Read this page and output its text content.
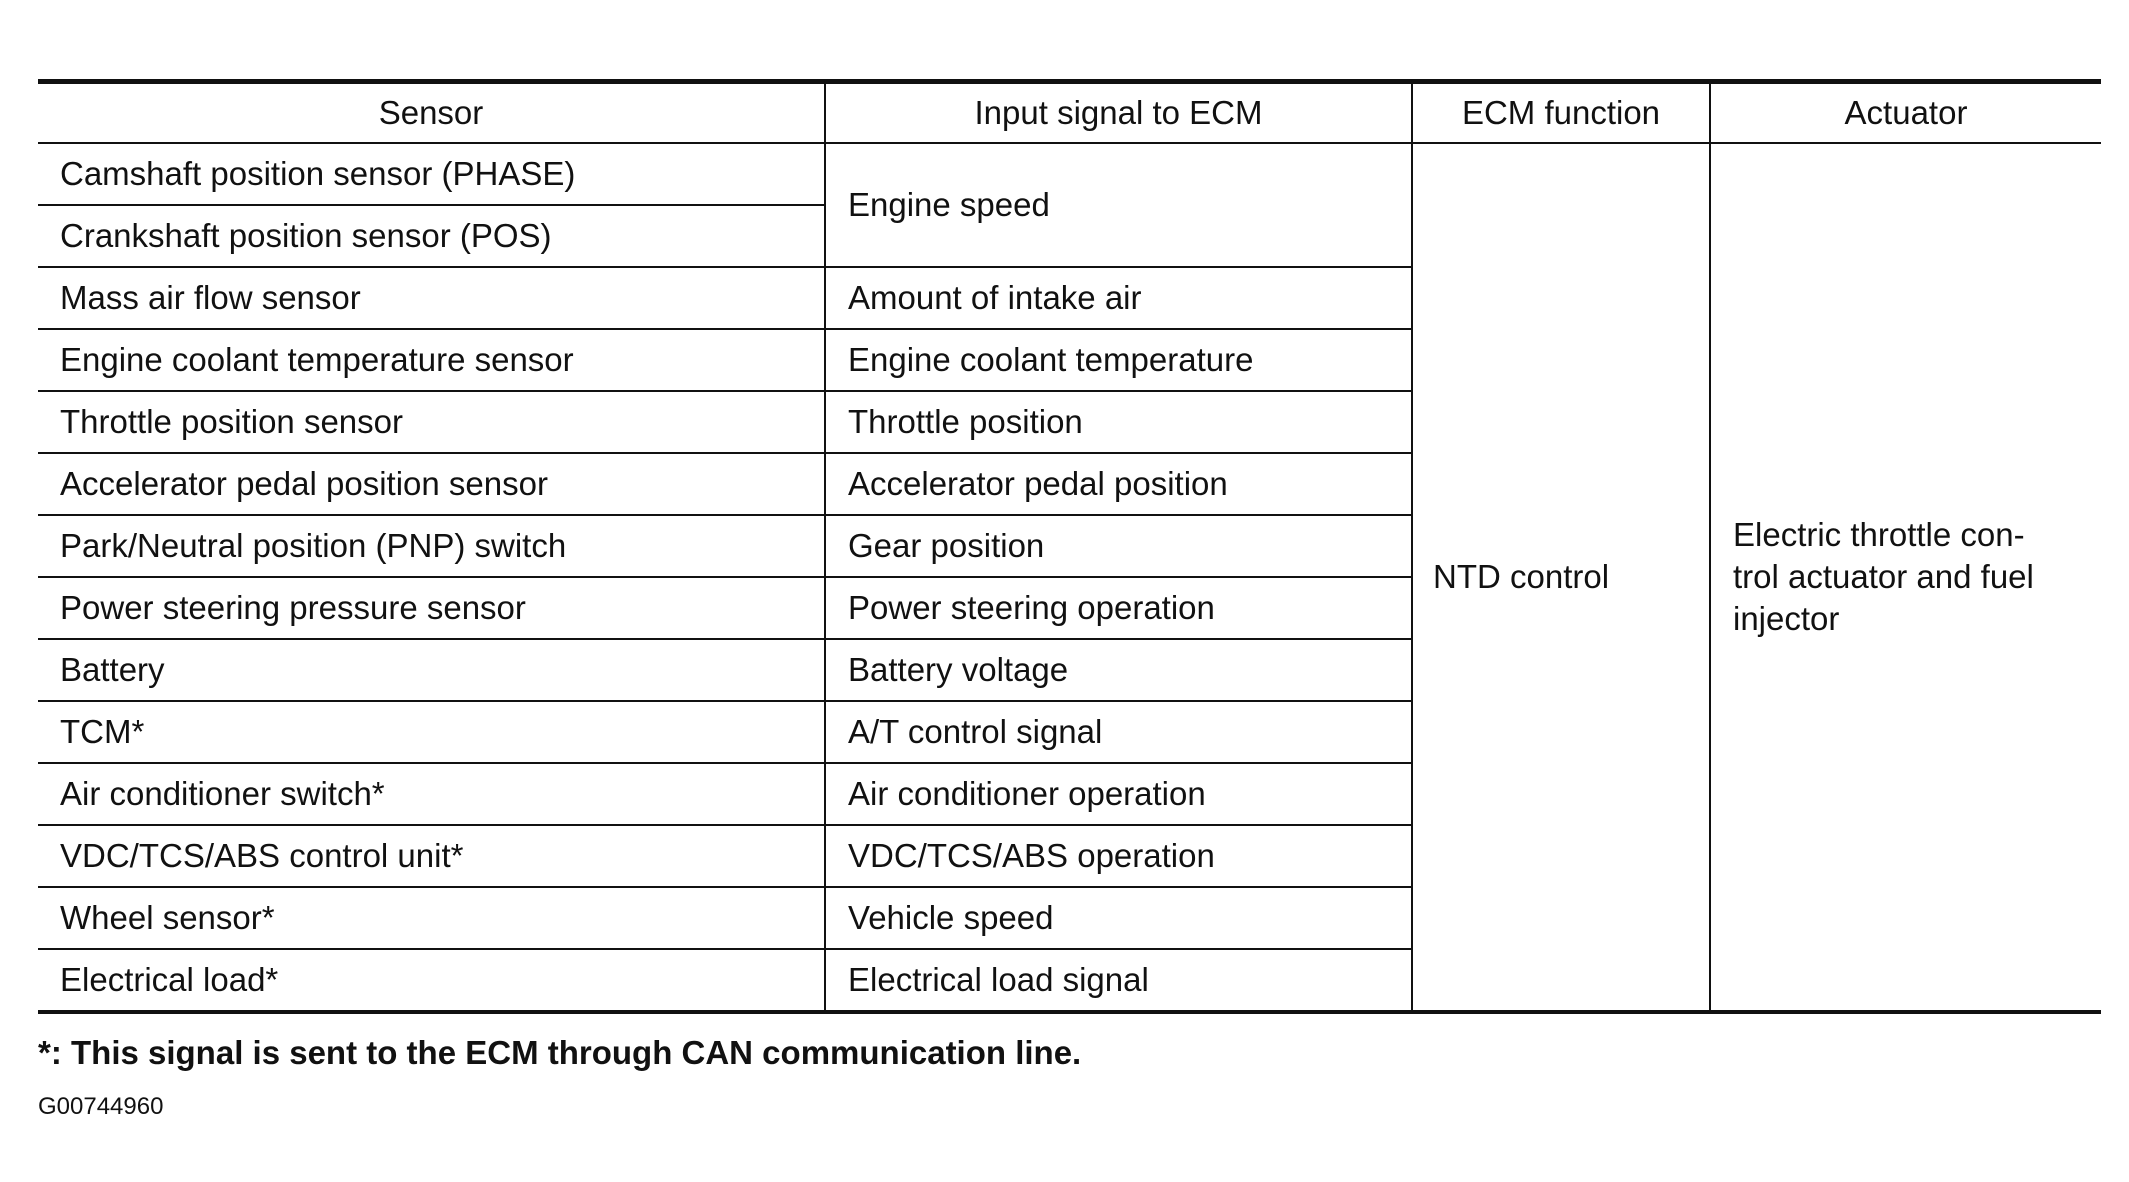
Sensor	Input signal to ECM	ECM function	Actuator
Camshaft position sensor (PHASE)	Engine speed	NTD control	Electric throttle con-
trol actuator and fuel
injector
Crankshaft position sensor (POS)			
Mass air flow sensor	Amount of intake air		
Engine coolant temperature sensor	Engine coolant temperature		
Throttle position sensor	Throttle position		
Accelerator pedal position sensor	Accelerator pedal position		
Park/Neutral position (PNP) switch	Gear position		
Power steering pressure sensor	Power steering operation		
Battery	Battery voltage		
TCM*	A/T control signal		
Air conditioner switch*	Air conditioner operation		
VDC/TCS/ABS control unit*	VDC/TCS/ABS operation		
Wheel sensor*	Vehicle speed		
Electrical load*	Electrical load signal		
*: This signal is sent to the ECM through CAN communication line.
G00744960
